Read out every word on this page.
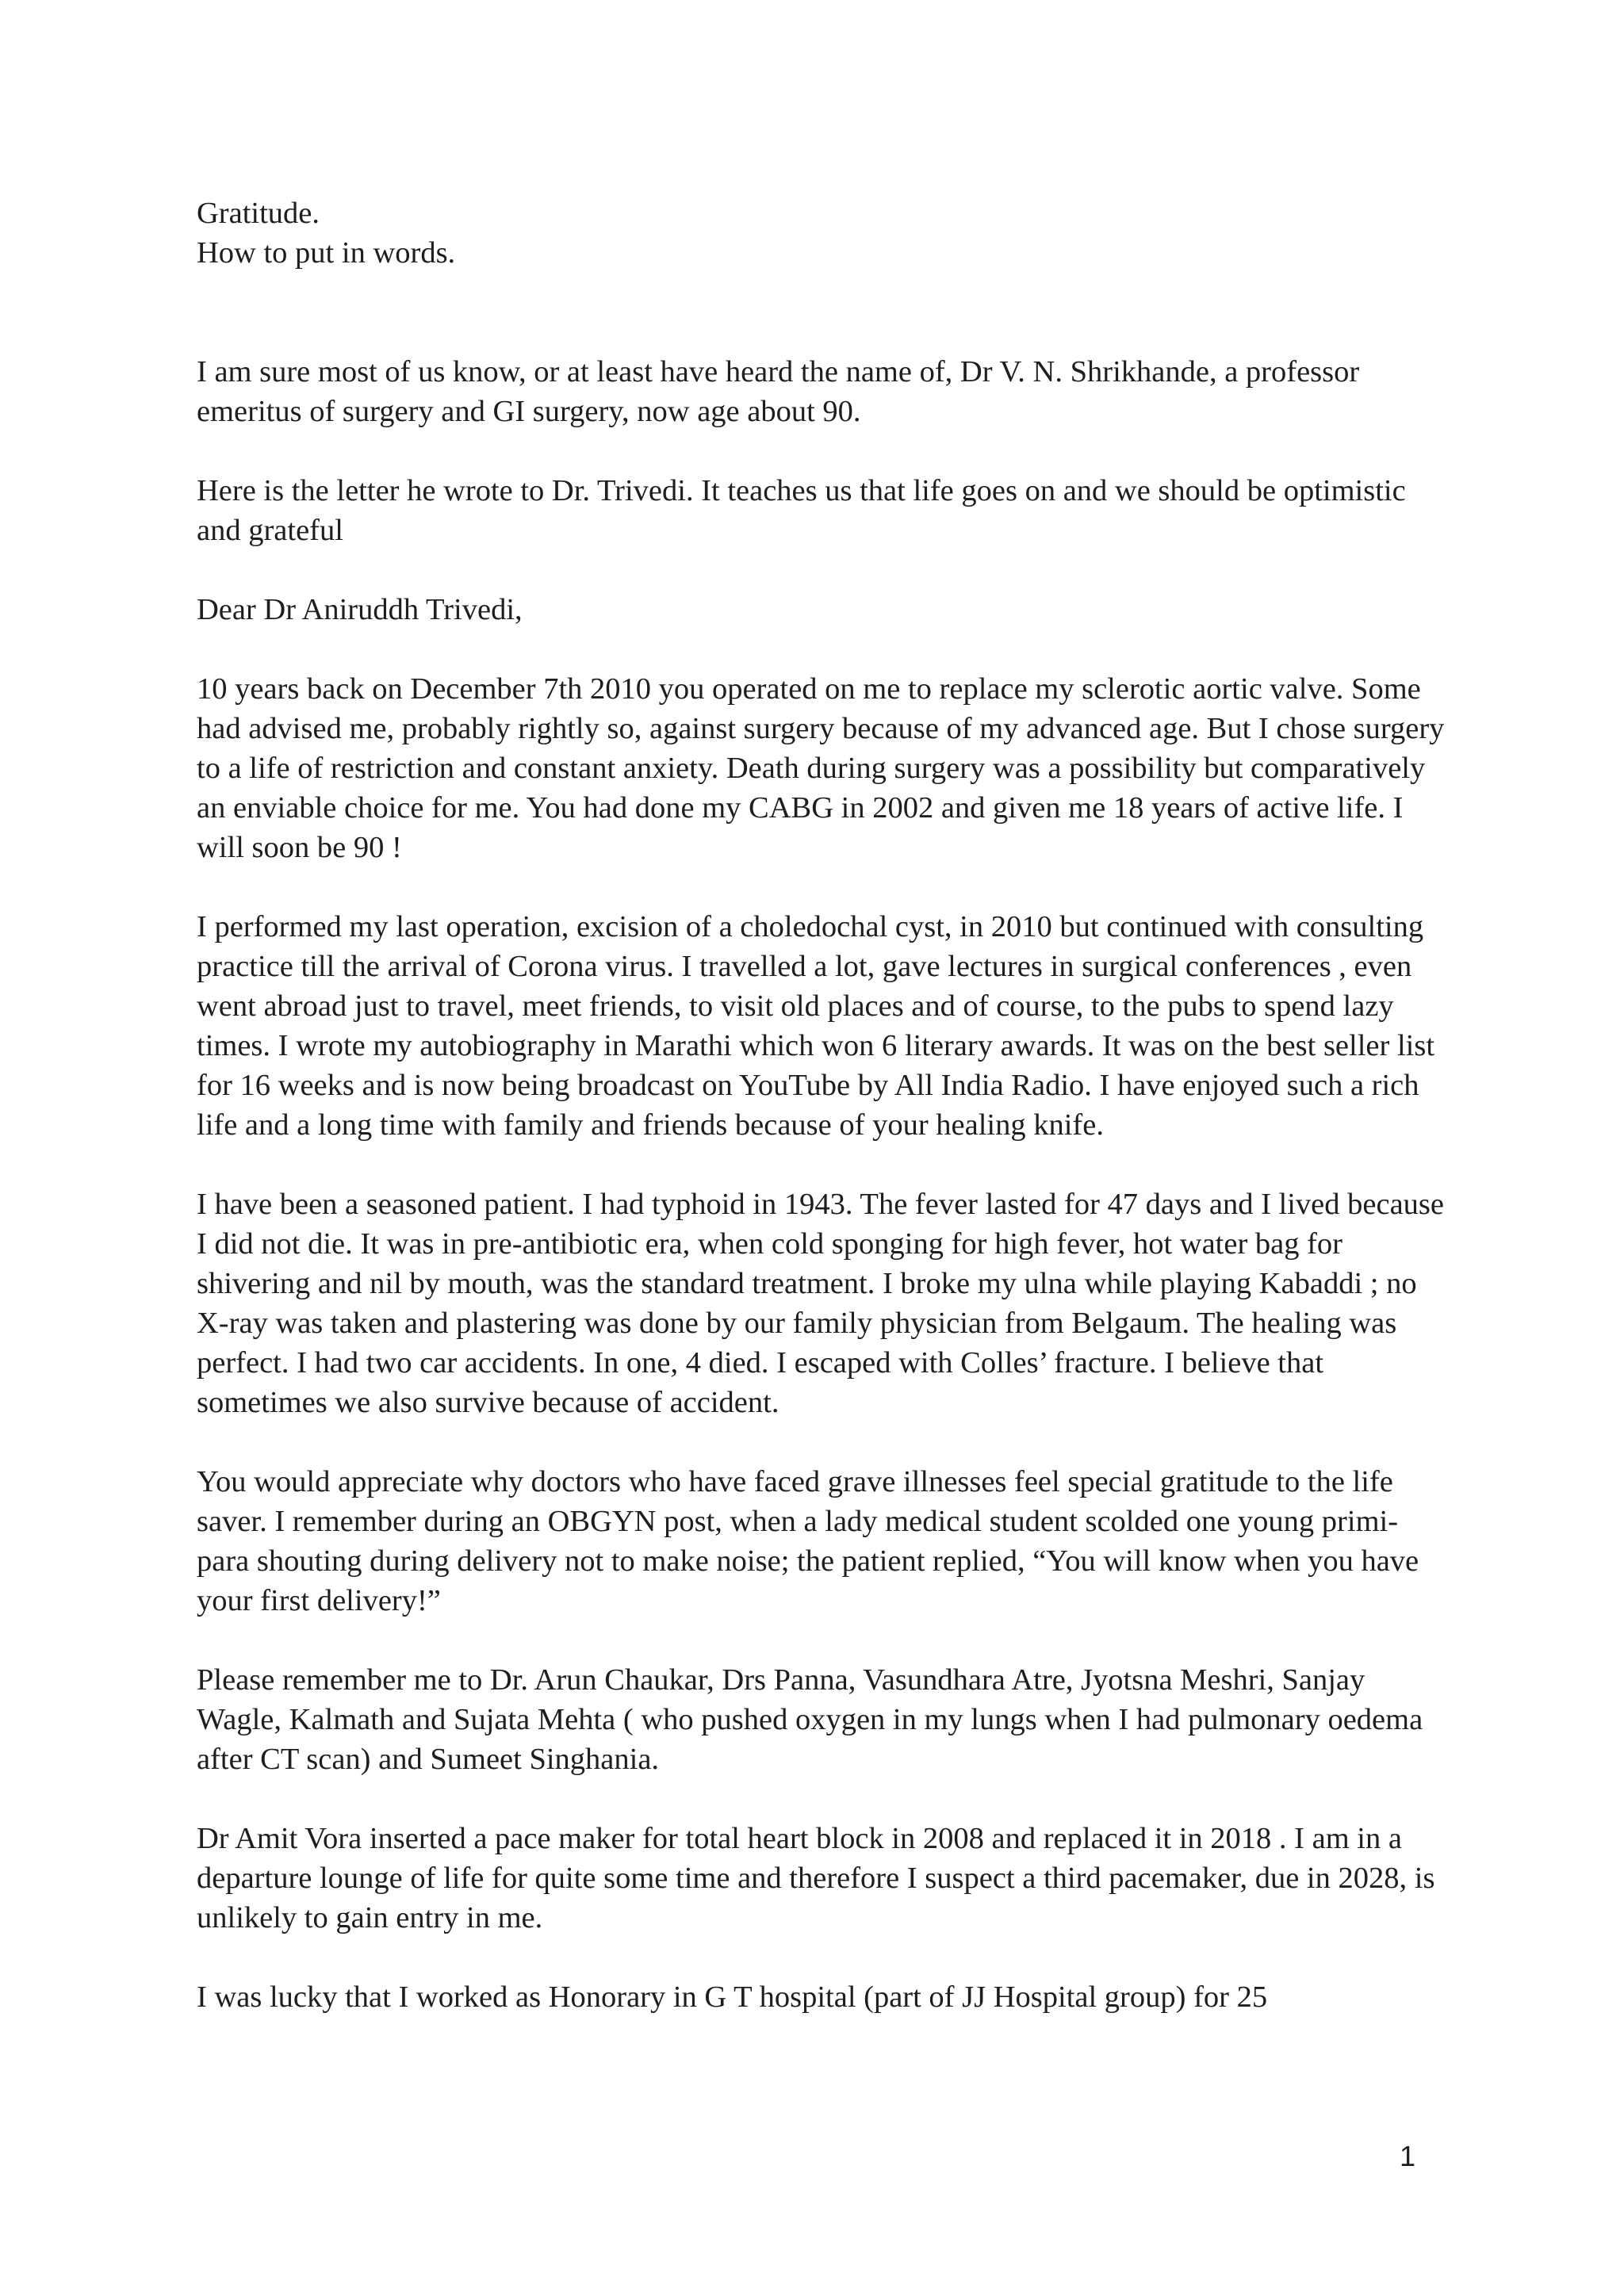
Gratitude.

How to put in words.

I am sure most of us know, or at least have heard the name of, Dr V. N. Shrikhande, a professor emeritus of surgery and GI surgery, now age about 90.

Here is the letter he wrote to Dr. Trivedi. It teaches us that life goes on and we should be optimistic and grateful

Dear Dr Aniruddh Trivedi,

10 years back on December 7th 2010 you operated on me to replace my sclerotic aortic valve. Some had advised me, probably rightly so, against surgery because of my advanced age. But I chose surgery to a life of restriction and constant anxiety. Death during surgery was a possibility but comparatively an enviable choice for me. You had done my CABG in 2002 and given me 18 years of active life. I will soon be 90 !

I performed my last operation, excision of a choledochal cyst, in 2010 but continued with consulting practice till the arrival of Corona virus. I travelled a lot, gave lectures in surgical conferences , even went abroad just to travel, meet friends, to visit old places and of course, to the pubs to spend lazy times. I wrote my autobiography in Marathi which won 6 literary awards. It was on the best seller list for 16 weeks and is now being broadcast on YouTube by All India Radio. I have enjoyed such a rich life and a long time with family and friends because of your healing knife.

I have been a seasoned patient. I had typhoid in 1943. The fever lasted for 47 days and I lived because I did not die. It was in pre-antibiotic era, when cold sponging for high fever, hot water bag for shivering and nil by mouth, was the standard treatment. I broke my ulna while playing Kabaddi ; no X-ray was taken and plastering was done by our family physician from Belgaum. The healing was perfect. I had two car accidents. In one, 4 died. I escaped with Colles’ fracture. I believe that sometimes we also survive because of accident.

You would appreciate why doctors who have faced grave illnesses feel special gratitude to the life saver. I remember during an OBGYN post, when a lady medical student scolded one young primi-para shouting during delivery not to make noise; the patient replied, “You will know when you have your first delivery!”

Please remember me to Dr. Arun Chaukar, Drs Panna, Vasundhara Atre, Jyotsna Meshri, Sanjay Wagle, Kalmath and Sujata Mehta ( who pushed oxygen in my lungs when I had pulmonary oedema after CT scan) and Sumeet Singhania.

Dr Amit Vora inserted a pace maker for total heart block in 2008 and replaced it in 2018 . I am in a departure lounge of life for quite some time and therefore I suspect a third pacemaker, due in 2028, is unlikely to gain entry in me.

I was lucky that I worked as Honorary in G T hospital (part of JJ Hospital group) for 25

1
